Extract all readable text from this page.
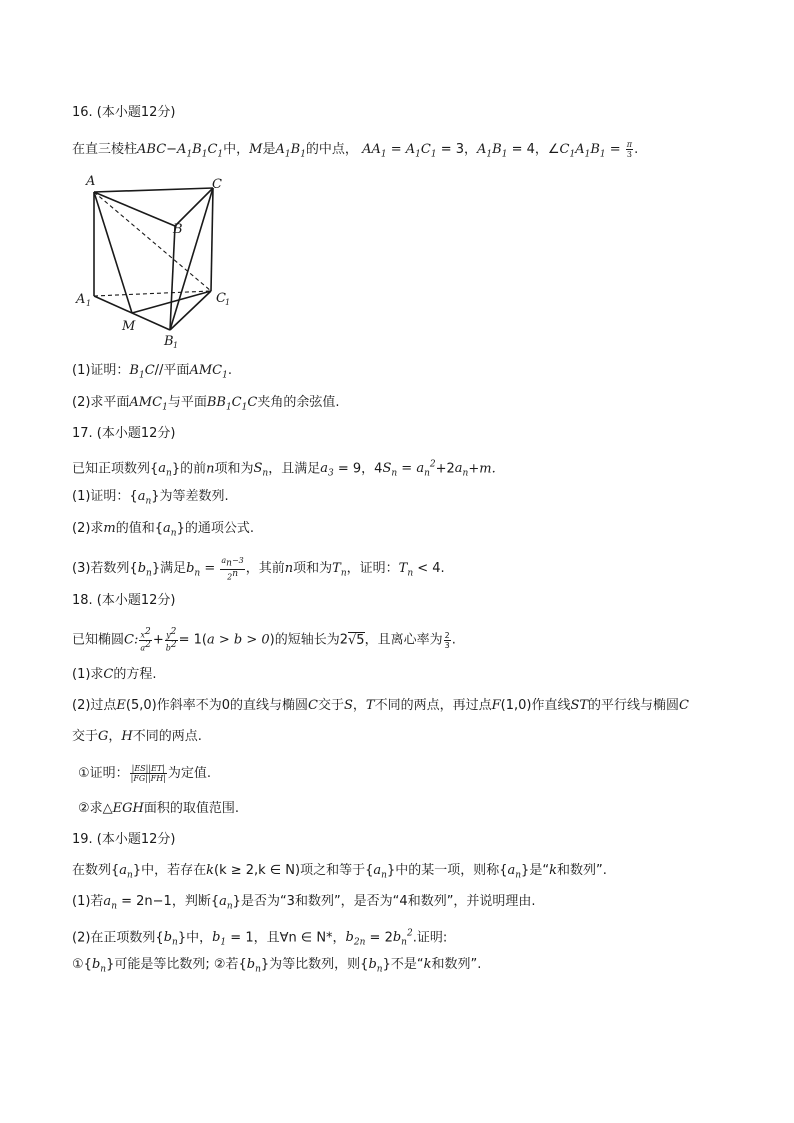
16. (本小题12分)
在直三棱柱$ABC-A_1B_1C_1$中，M是$A_1B_1$的中点， $AA_1 = A_1C_1 = 3$，$A_1B_1 = 4$，$\angle C_1A_1B_1 = \frac{\pi}{3}$ .
A	C
B
A 1	C 1
M
B 1
(1)证明：$B_1C//$平面$AMC_1$.
(2)求平面$AMC_1$与平面$BB_1C_1C$夹角的余弦值.
17. (本小题12分)
已知正项数列$\{a_n\}$的前n项和为$S_n$，且满足$a_3 = 9$，$4S_n = a_n^2+2a_n+m$.
(1)证明：$\{a_n\}$为等差数列.
(2)求m的值和$\{a_n\}$的通项公式.
(3)若数列$\{b_n\}$满足$b_n = \frac{a_n-3}{2^n}$ ，其前n项和为$T_n$，证明：$T_n < 4$.
18. (本小题12分)
已知椭圆C: $\frac{x^2}{a^2} + \frac{y^2}{b^2} = 1(a > b > 0)$的短轴长为2√5，且离心率为 $\frac{2}{3}$ .
(1)求C的方程.
(2)过点E(5,0)作斜率不为0的直线与椭圆C交于S，T不同的两点，再过点F(1,0)作直线ST的平行线与椭圆C
交于G，H不同的两点.
①证明： $\frac{|ES||ET|}{|FG||FH|}$ 为定值.
②求△EGH面积的取值范围.
19. (本小题12分)
在数列$\{a_n\}$中，若存在k(k ≥ 2,k ∈ N)项之和等于$\{a_n\}$中的某一项，则称$\{a_n\}$是“k和数列”.
(1)若$a_n = 2n-1$，判断$\{a_n\}$是否为“3和数列”，是否为“4和数列”，并说明理由.
(2)在正项数列$\{b_n\}$中，$b_1 = 1$，且∀n ∈ N*，$b_{2n} = 2b_n^2$.证明:
$①\{b_n\}$可能是等比数列; ②若$\{b_n\}$为等比数列，则$\{b_n\}$不是“k和数列”.
